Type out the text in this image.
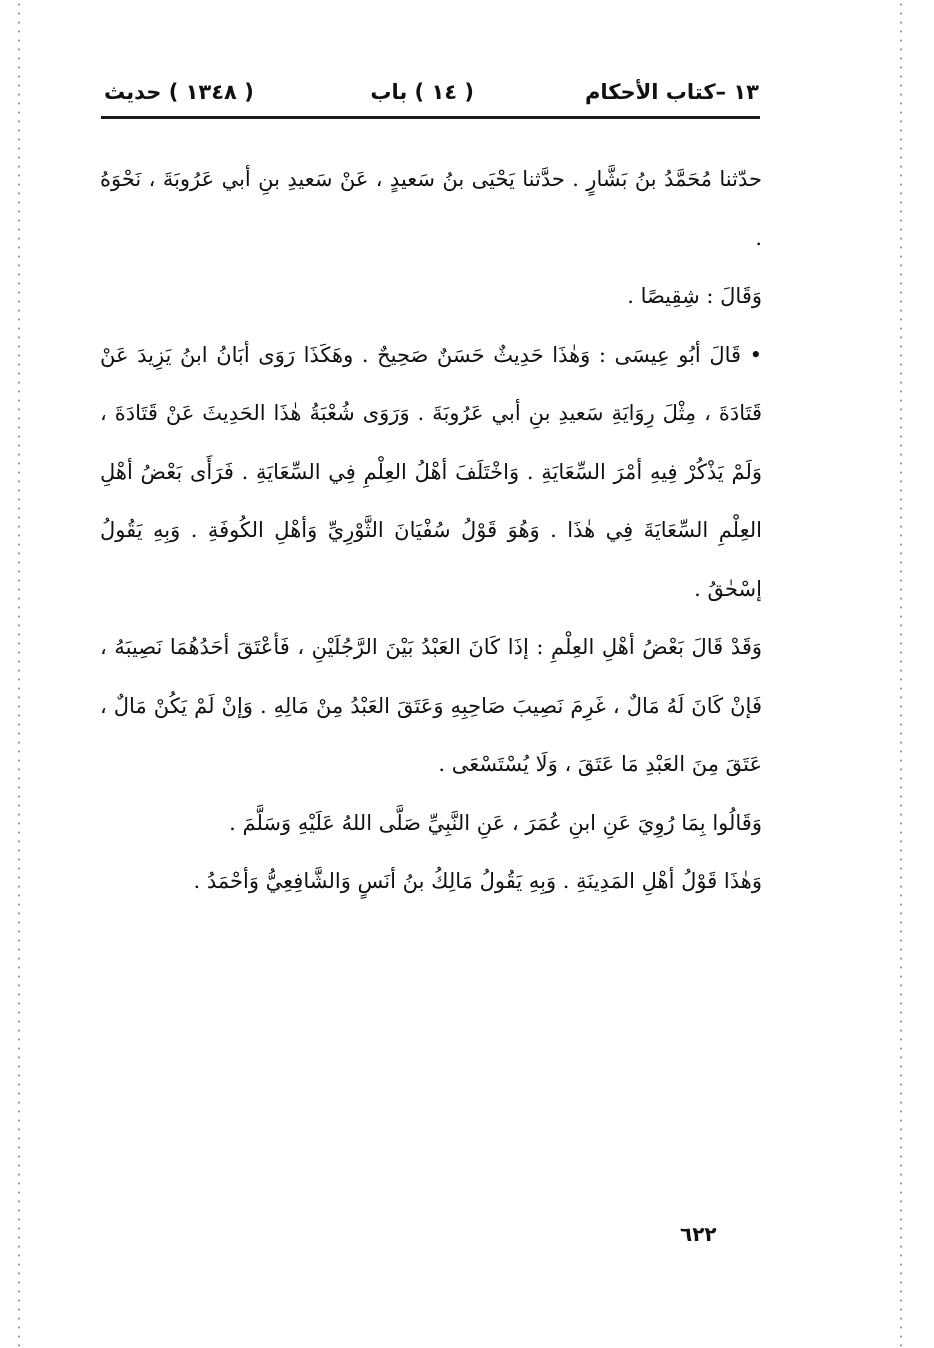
١٣ –كتاب الأحكام
( ١٤ ) باب
( ١٣٤٨ ) حديث

حدّثنا مُحَمَّدُ بنُ بَشَّارٍ . حدَّثنا يَحْيَى بنُ سَعيدٍ ، عَنْ سَعيدِ بنِ أبي عَرُوبَةَ ، نَحْوَهُ .

وَقَالَ : شِقِيصًا .

• قَالَ أبُو عِيسَى : وَهٰذَا حَدِيثٌ حَسَنٌ صَحِيحٌ . وهَكَذَا رَوَى أبَانُ ابنُ يَزِيدَ عَنْ قَتَادَةَ ، مِثْلَ رِوَايَةِ سَعيدِ بنِ أبي عَرُوبَةَ . وَرَوَى شُعْبَةُ هٰذَا الحَدِيثَ عَنْ قَتَادَةَ ، وَلَمْ يَذْكُرْ فِيهِ أمْرَ السِّعَايَةِ . وَاخْتَلَفَ أهْلُ العِلْمِ فِي السِّعَايَةِ . فَرَأَى بَعْضُ أهْلِ العِلْمِ السِّعَايَةَ فِي هٰذَا . وَهُوَ قَوْلُ سُفْيَانَ الثَّوْرِيِّ وَأهْلِ الكُوفَةِ . وَبِهِ يَقُولُ إسْحٰقُ .

وَقَدْ قَالَ بَعْضُ أهْلِ العِلْمِ : إذَا كَانَ العَبْدُ بَيْنَ الرَّجُلَيْنِ ، فَأعْتَقَ أحَدُهُمَا نَصِيبَهُ ، فَإنْ كَانَ لَهُ مَالٌ ، غَرِمَ نَصِيبَ صَاحِبِهِ وَعَتَقَ العَبْدُ مِنْ مَالِهِ . وَإنْ لَمْ يَكُنْ مَالٌ ، عَتَقَ مِنَ العَبْدِ مَا عَتَقَ ، وَلَا يُسْتَسْعَى .

وَقَالُوا بِمَا رُوِيَ عَنِ ابنِ عُمَرَ ، عَنِ النَّبِيِّ صَلَّى اللهُ عَلَيْهِ وَسَلَّمَ .

وَهٰذَا قَوْلُ أهْلِ المَدِينَةِ . وَبِهِ يَقُولُ مَالِكُ بنُ أنَسٍ وَالشَّافِعِيُّ وَأحْمَدُ .

٦٢٢
